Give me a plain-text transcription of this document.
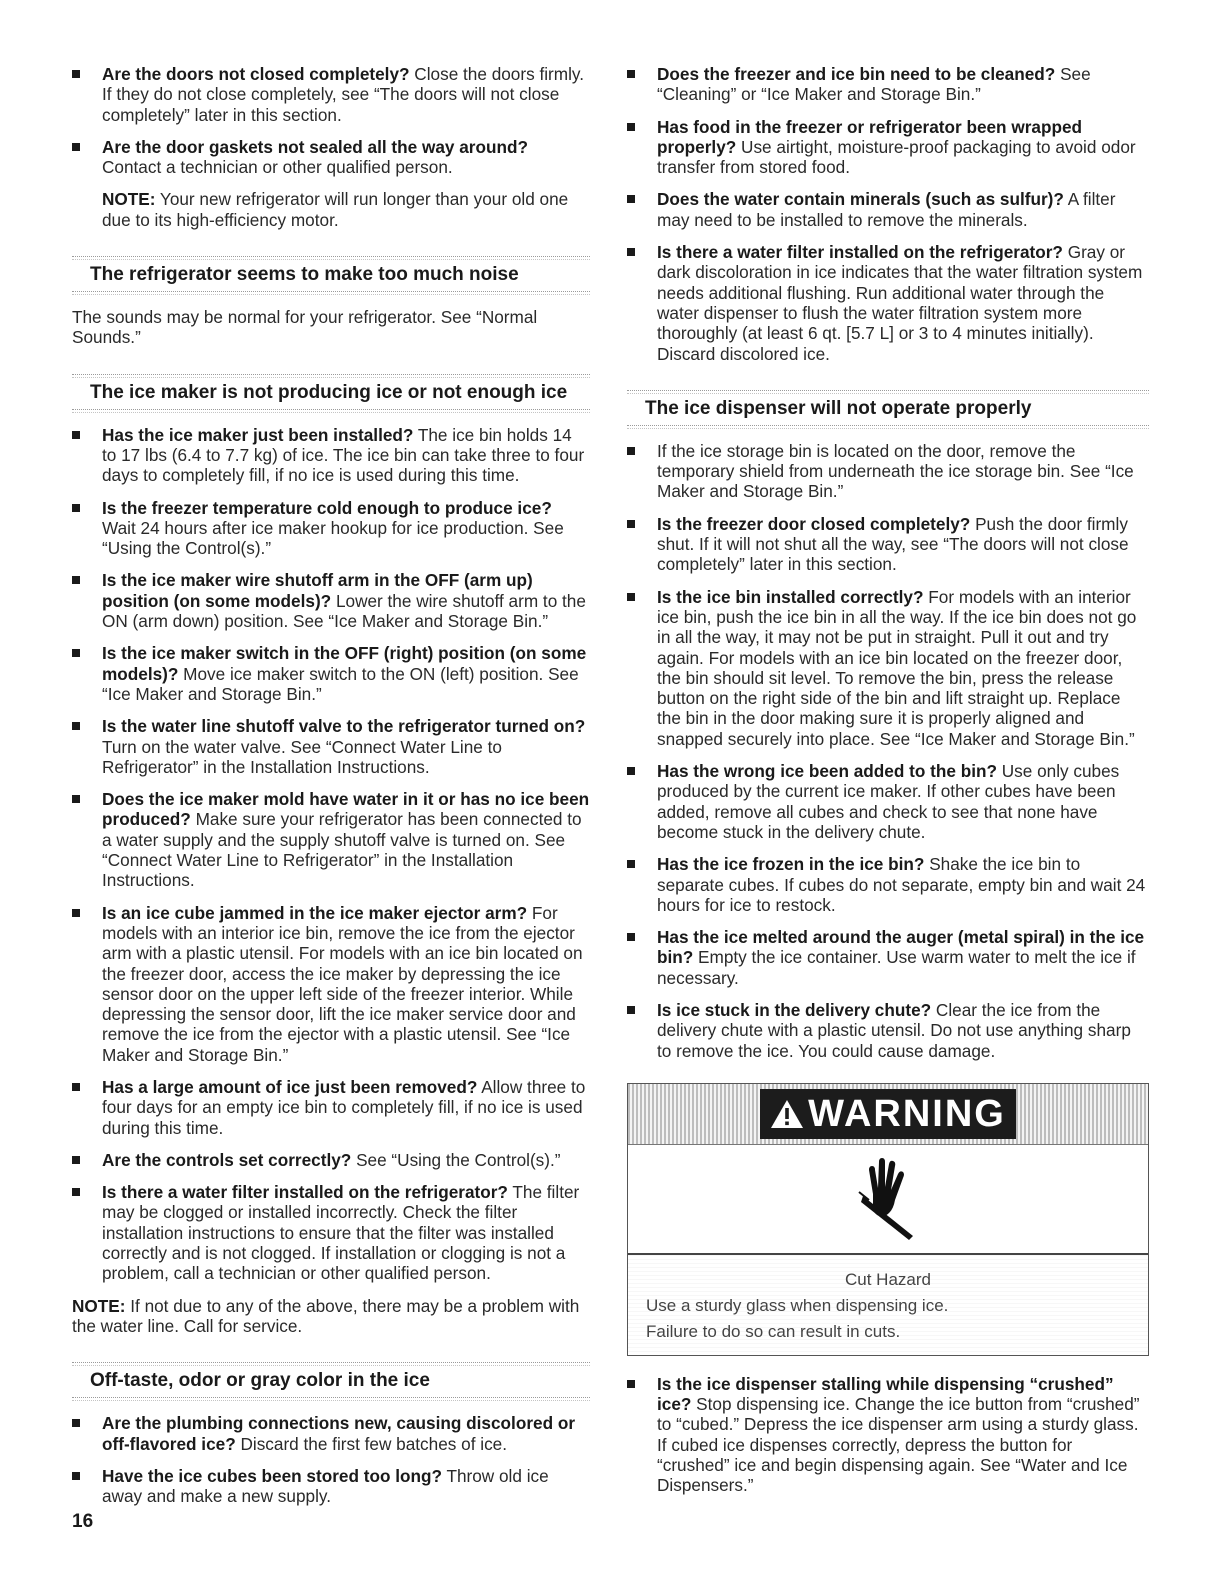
Are the doors not closed completely? Close the doors firmly. If they do not close completely, see “The doors will not close completely” later in this section.
Are the door gaskets not sealed all the way around? Contact a technician or other qualified person.

NOTE: Your new refrigerator will run longer than your old one due to its high-efficiency motor.

The refrigerator seems to make too much noise

The sounds may be normal for your refrigerator. See “Normal Sounds.”

The ice maker is not producing ice or not enough ice
Has the ice maker just been installed? The ice bin holds 14 to 17 lbs (6.4 to 7.7 kg) of ice. The ice bin can take three to four days to completely fill, if no ice is used during this time.
Is the freezer temperature cold enough to produce ice? Wait 24 hours after ice maker hookup for ice production. See “Using the Control(s).”
Is the ice maker wire shutoff arm in the OFF (arm up) position (on some models)? Lower the wire shutoff arm to the ON (arm down) position. See “Ice Maker and Storage Bin.”
Is the ice maker switch in the OFF (right) position (on some models)? Move ice maker switch to the ON (left) position. See “Ice Maker and Storage Bin.”
Is the water line shutoff valve to the refrigerator turned on? Turn on the water valve. See “Connect Water Line to Refrigerator” in the Installation Instructions.
Does the ice maker mold have water in it or has no ice been produced? Make sure your refrigerator has been connected to a water supply and the supply shutoff valve is turned on. See “Connect Water Line to Refrigerator” in the Installation Instructions.
Is an ice cube jammed in the ice maker ejector arm? For models with an interior ice bin, remove the ice from the ejector arm with a plastic utensil. For models with an ice bin located on the freezer door, access the ice maker by depressing the ice sensor door on the upper left side of the freezer interior. While depressing the sensor door, lift the ice maker service door and remove the ice from the ejector with a plastic utensil. See “Ice Maker and Storage Bin.”
Has a large amount of ice just been removed? Allow three to four days for an empty ice bin to completely fill, if no ice is used during this time.
Are the controls set correctly? See “Using the Control(s).”
Is there a water filter installed on the refrigerator? The filter may be clogged or installed incorrectly. Check the filter installation instructions to ensure that the filter was installed correctly and is not clogged. If installation or clogging is not a problem, call a technician or other qualified person.

NOTE: If not due to any of the above, there may be a problem with the water line. Call for service.

Off-taste, odor or gray color in the ice
Are the plumbing connections new, causing discolored or off-flavored ice? Discard the first few batches of ice.
Have the ice cubes been stored too long? Throw old ice away and make a new supply.
Does the freezer and ice bin need to be cleaned? See “Cleaning” or “Ice Maker and Storage Bin.”
Has food in the freezer or refrigerator been wrapped properly? Use airtight, moisture-proof packaging to avoid odor transfer from stored food.
Does the water contain minerals (such as sulfur)? A filter may need to be installed to remove the minerals.
Is there a water filter installed on the refrigerator? Gray or dark discoloration in ice indicates that the water filtration system needs additional flushing. Run additional water through the water dispenser to flush the water filtration system more thoroughly (at least 6 qt. [5.7 L] or 3 to 4 minutes initially). Discard discolored ice.
The ice dispenser will not operate properly
If the ice storage bin is located on the door, remove the temporary shield from underneath the ice storage bin. See “Ice Maker and Storage Bin.”
Is the freezer door closed completely? Push the door firmly shut. If it will not shut all the way, see “The doors will not close completely” later in this section.
Is the ice bin installed correctly? For models with an interior ice bin, push the ice bin in all the way. If the ice bin does not go in all the way, it may not be put in straight. Pull it out and try again. For models with an ice bin located on the freezer door, the bin should sit level. To remove the bin, press the release button on the right side of the bin and lift straight up. Replace the bin in the door making sure it is properly aligned and snapped securely into place. See “Ice Maker and Storage Bin.”
Has the wrong ice been added to the bin? Use only cubes produced by the current ice maker. If other cubes have been added, remove all cubes and check to see that none have become stuck in the delivery chute.
Has the ice frozen in the ice bin? Shake the ice bin to separate cubes. If cubes do not separate, empty bin and wait 24 hours for ice to restock.
Has the ice melted around the auger (metal spiral) in the ice bin? Empty the ice container. Use warm water to melt the ice if necessary.
Is ice stuck in the delivery chute? Clear the ice from the delivery chute with a plastic utensil. Do not use anything sharp to remove the ice. You could cause damage.
WARNING
Cut Hazard
Use a sturdy glass when dispensing ice.
Failure to do so can result in cuts.
Is the ice dispenser stalling while dispensing “crushed” ice? Stop dispensing ice. Change the ice button from “crushed” to “cubed.” Depress the ice dispenser arm using a sturdy glass. If cubed ice dispenses correctly, depress the button for “crushed” ice and begin dispensing again. See “Water and Ice Dispensers.”
16
